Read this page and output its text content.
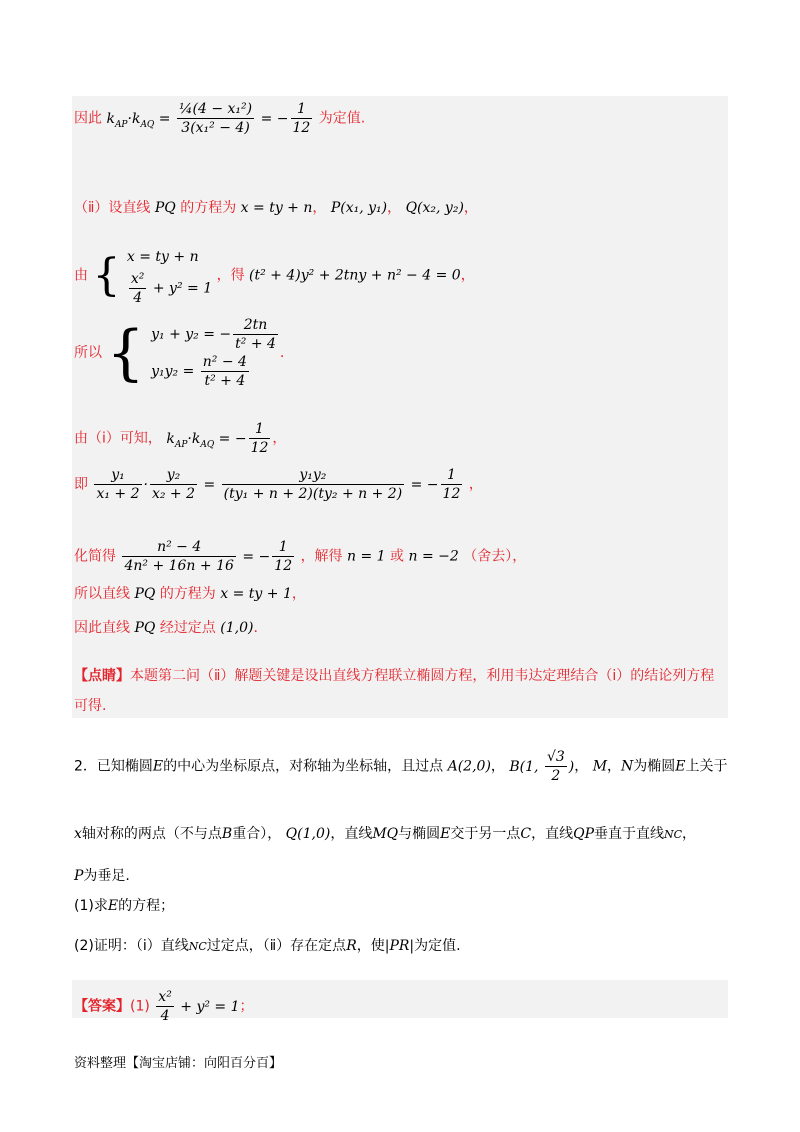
因此 $k_{AP}\cdot k_{AQ} = \frac{\text{¼(4 − x₁²)}}{\text{3(x₁² − 4)}}$ = − $\frac{1}{12}$ 为定值.
（ⅱ）设直线 PQ 的方程为 x = ty + n， P(x₁, y₁)， Q(x₂, y₂)，
由 { x = ty + n
$\frac{\text{x²}}{4} + y^2 = 1$
，得 (t² + 4)y² + 2tny + n² − 4 = 0，
所以 { y₁ + y₂ = − $\frac{2tn}{\text{t² + 4}}$
$y_1y_2 = \frac{\text{n² − 4}}{\text{t² + 4}}$ .
由（ⅰ）可知， $k_{AP}\cdot k_{AQ}$ = − $\frac{1}{12}$ ，
即 $\frac{\text{y₁}}{\text{x₁ + 2}} \cdot \frac{\text{y₂}}{\text{x₂ + 2}} = \frac{\text{y₁y₂}}{\text{(ty₁ + n + 2)(ty₂ + n + 2)}}$ = − $\frac{1}{12}$ ，
化简得 $\frac{\text{n² − 4}}{\text{4n² + 16n + 16}}$ = − $\frac{1}{12}$ ，解得 n = 1 或 n = −2 （舍去），
所以直线 PQ 的方程为 x = ty + 1，
因此直线 PQ 经过定点 (1,0).
【点睛】本题第二问（ⅱ）解题关键是设出直线方程联立椭圆方程，利用韦达定理结合（ⅰ）的结论列方程
可得.
2．已知椭圆E的中心为坐标原点，对称轴为坐标轴，且过点 A(2,0)， B(1, $\frac{√3}{2}$ )， M，N为椭圆E上关于
x轴对称的两点（不与点B重合）， Q(1,0)，直线MQ与椭圆E交于另一点C，直线QP垂直于直线NC，
P为垂足.
(1)求E的方程；
(2)证明：（ⅰ）直线NC过定点，（ⅱ）存在定点R，使|PR|为定值.
【答案】$(1) \frac{\text{x²}}{4} + y^2 = 1$；
资料整理【淘宝店铺：向阳百分百】
